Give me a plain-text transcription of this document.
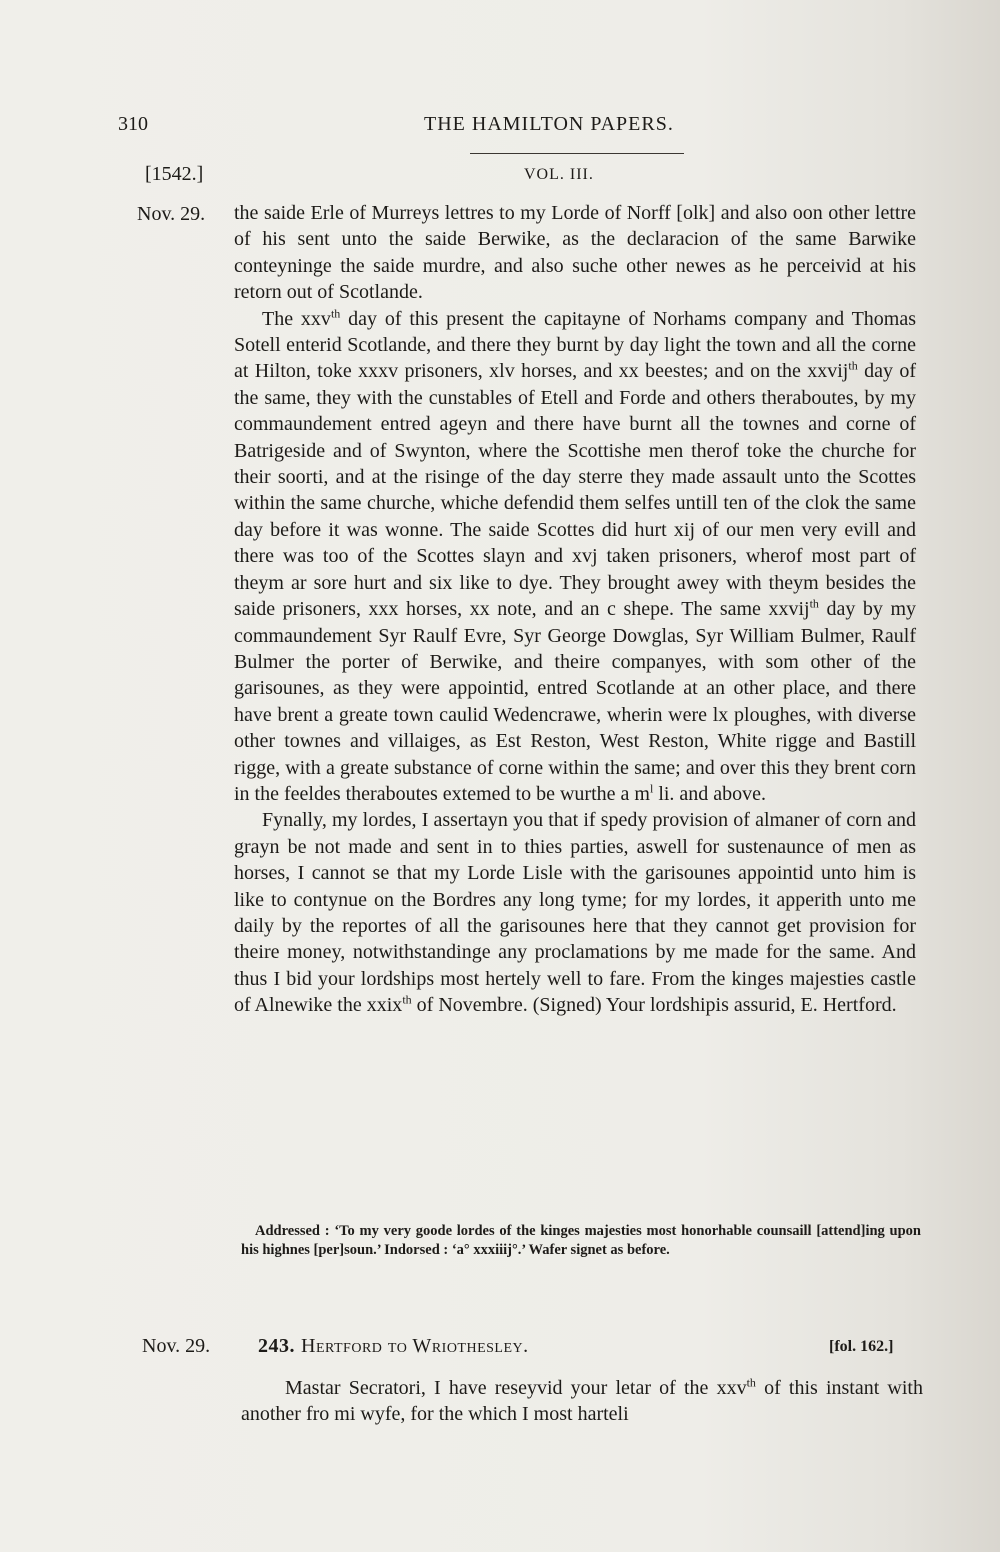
310	THE HAMILTON PAPERS.
[1542.]	VOL. III.
Nov. 29. the saide Erle of Murreys lettres to my Lorde of Norff [olk] and also oon other lettre of his sent unto the saide Berwike, as the declaracion of the same Barwike conteyninge the saide murdre, and also suche other newes as he perceivid at his retorn out of Scotlande.

The xxv$^{th}$ day of this present the capitayne of Norhams company and Thomas Sotell enterid Scotlande, and there they burnt by day light the town and all the corne at Hilton, toke xxxv prisoners, xlv horses, and xx beestes; and on the xxvij$^{th}$ day of the same, they with the cunstables of Etell and Forde and others theraboutes, by my commaundement entred ageyn and there have burnt all the townes and corne of Batrigeside and of Swynton, where the Scottishe men therof toke the churche for their soorti, and at the risinge of the day sterre they made assault unto the Scottes within the same churche, whiche defendid them selfes untill ten of the clok the same day before it was wonne. The saide Scottes did hurt xij of our men very evill and there was too of the Scottes slayn and xvj taken prisoners, wherof most part of theym ar sore hurt and six like to dye. They brought awey with theym besides the saide prisoners, xxx horses, xx note, and an c shepe. The same xxvij$^{th}$ day by my commaundement Syr Raulf Evre, Syr George Dowglas, Syr William Bulmer, Raulf Bulmer the porter of Berwike, and theire companyes, with som other of the garisounes, as they were appointid, entred Scotlande at an other place, and there have brent a greate town caulid Wedencrawe, wherin were lx ploughes, with diverse other townes and villaiges, as Est Reston, West Reston, White rigge and Bastill rigge, with a greate substance of corne within the same; and over this they brent corn in the feeldes theraboutes extemed to be wurthe a $m^l$ li. and above.

Fynally, my lordes, I assertayn you that if spedy provision of almaner of corn and grayn be not made and sent in to thies parties, aswell for sustenaunce of men as horses, I cannot se that my Lorde Lisle with the garisounes appointid unto him is like to contynue on the Bordres any long tyme; for my lordes, it apperith unto me daily by the reportes of all the garisounes here that they cannot get provision for theire money, notwithstandinge any proclamations by me made for the same. And thus I bid your lordships most hertely well to fare. From the kinges majesties castle of Alnewike the xxix$^{th}$ of Novembre. (Signed) Your lordshipis assurid, E. Hertford.

Addressed : ‘To my very goode lordes of the kinges majesties most honorhable counsaill [attend]ing upon his highnes [per]soun.’ Indorsed : ‘a° xxxiiij°.’ Wafer signet as before.
Nov. 29. 243. Hertford to Wriothesley.	[fol. 162.]
Mastar Secratori, I have reseyvid your letar of the xxv$^{th}$ of this instant with another fro mi wyfe, for the which I most harteli
